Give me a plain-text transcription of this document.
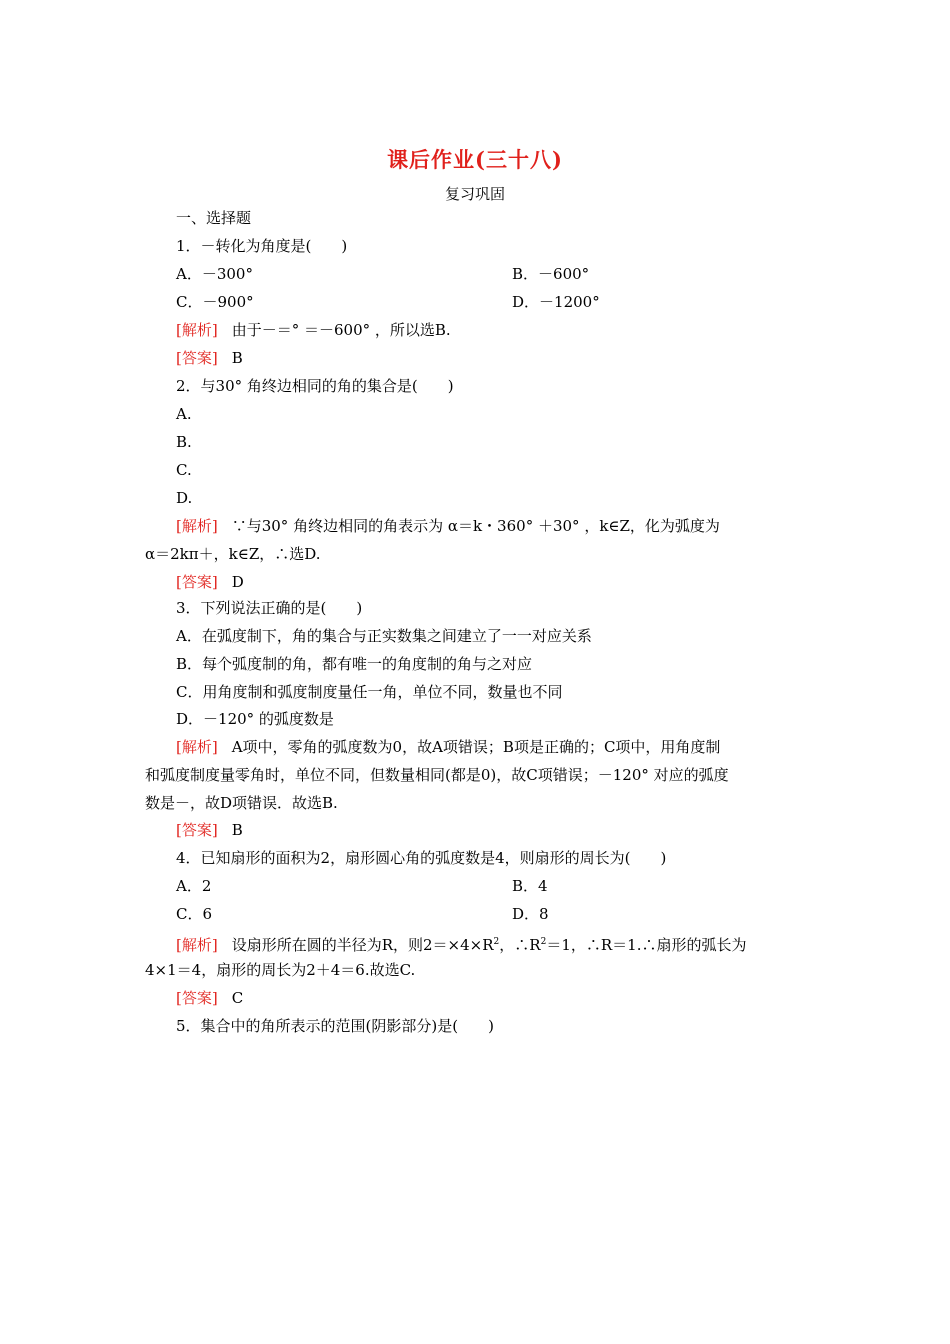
课后作业(三十八)
复习巩固
一、选择题
1．－转化为角度是(　　)
A．－300°	B．－600°
C．－900°	D．－1200°
[解析] 由于－＝° ＝－600° ，所以选B.
[答案] B
2．与30° 角终边相同的角的集合是(　　)
A.
B.
C.
D.
[解析] ∵与30° 角终边相同的角表示为 α＝k・360° ＋30° ，k∈Z，化为弧度为
α＝2kπ＋，k∈Z，∴选D.
[答案] D
3．下列说法正确的是(　　)
A．在弧度制下，角的集合与正实数集之间建立了一一对应关系
B．每个弧度制的角，都有唯一的角度制的角与之对应
C．用角度制和弧度制度量任一角，单位不同，数量也不同
D．－120° 的弧度数是
[解析] A项中，零角的弧度数为0，故A项错误；B项是正确的；C项中，用角度制
和弧度制度量零角时，单位不同，但数量相同(都是0)，故C项错误；－120° 对应的弧度
数是－，故D项错误．故选B.
[答案] B
4．已知扇形的面积为2，扇形圆心角的弧度数是4，则扇形的周长为(　　)
A．2	B．4
C．6	D．8
[解析] 设扇形所在圆的半径为R，则$2=\times 4\times R^2$，$\therefore R^2=1$，∴R＝1.∴扇形的弧长为
4×1＝4，扇形的周长为2＋4＝6.故选C.
[答案] C
5．集合中的角所表示的范围(阴影部分)是(　　)
